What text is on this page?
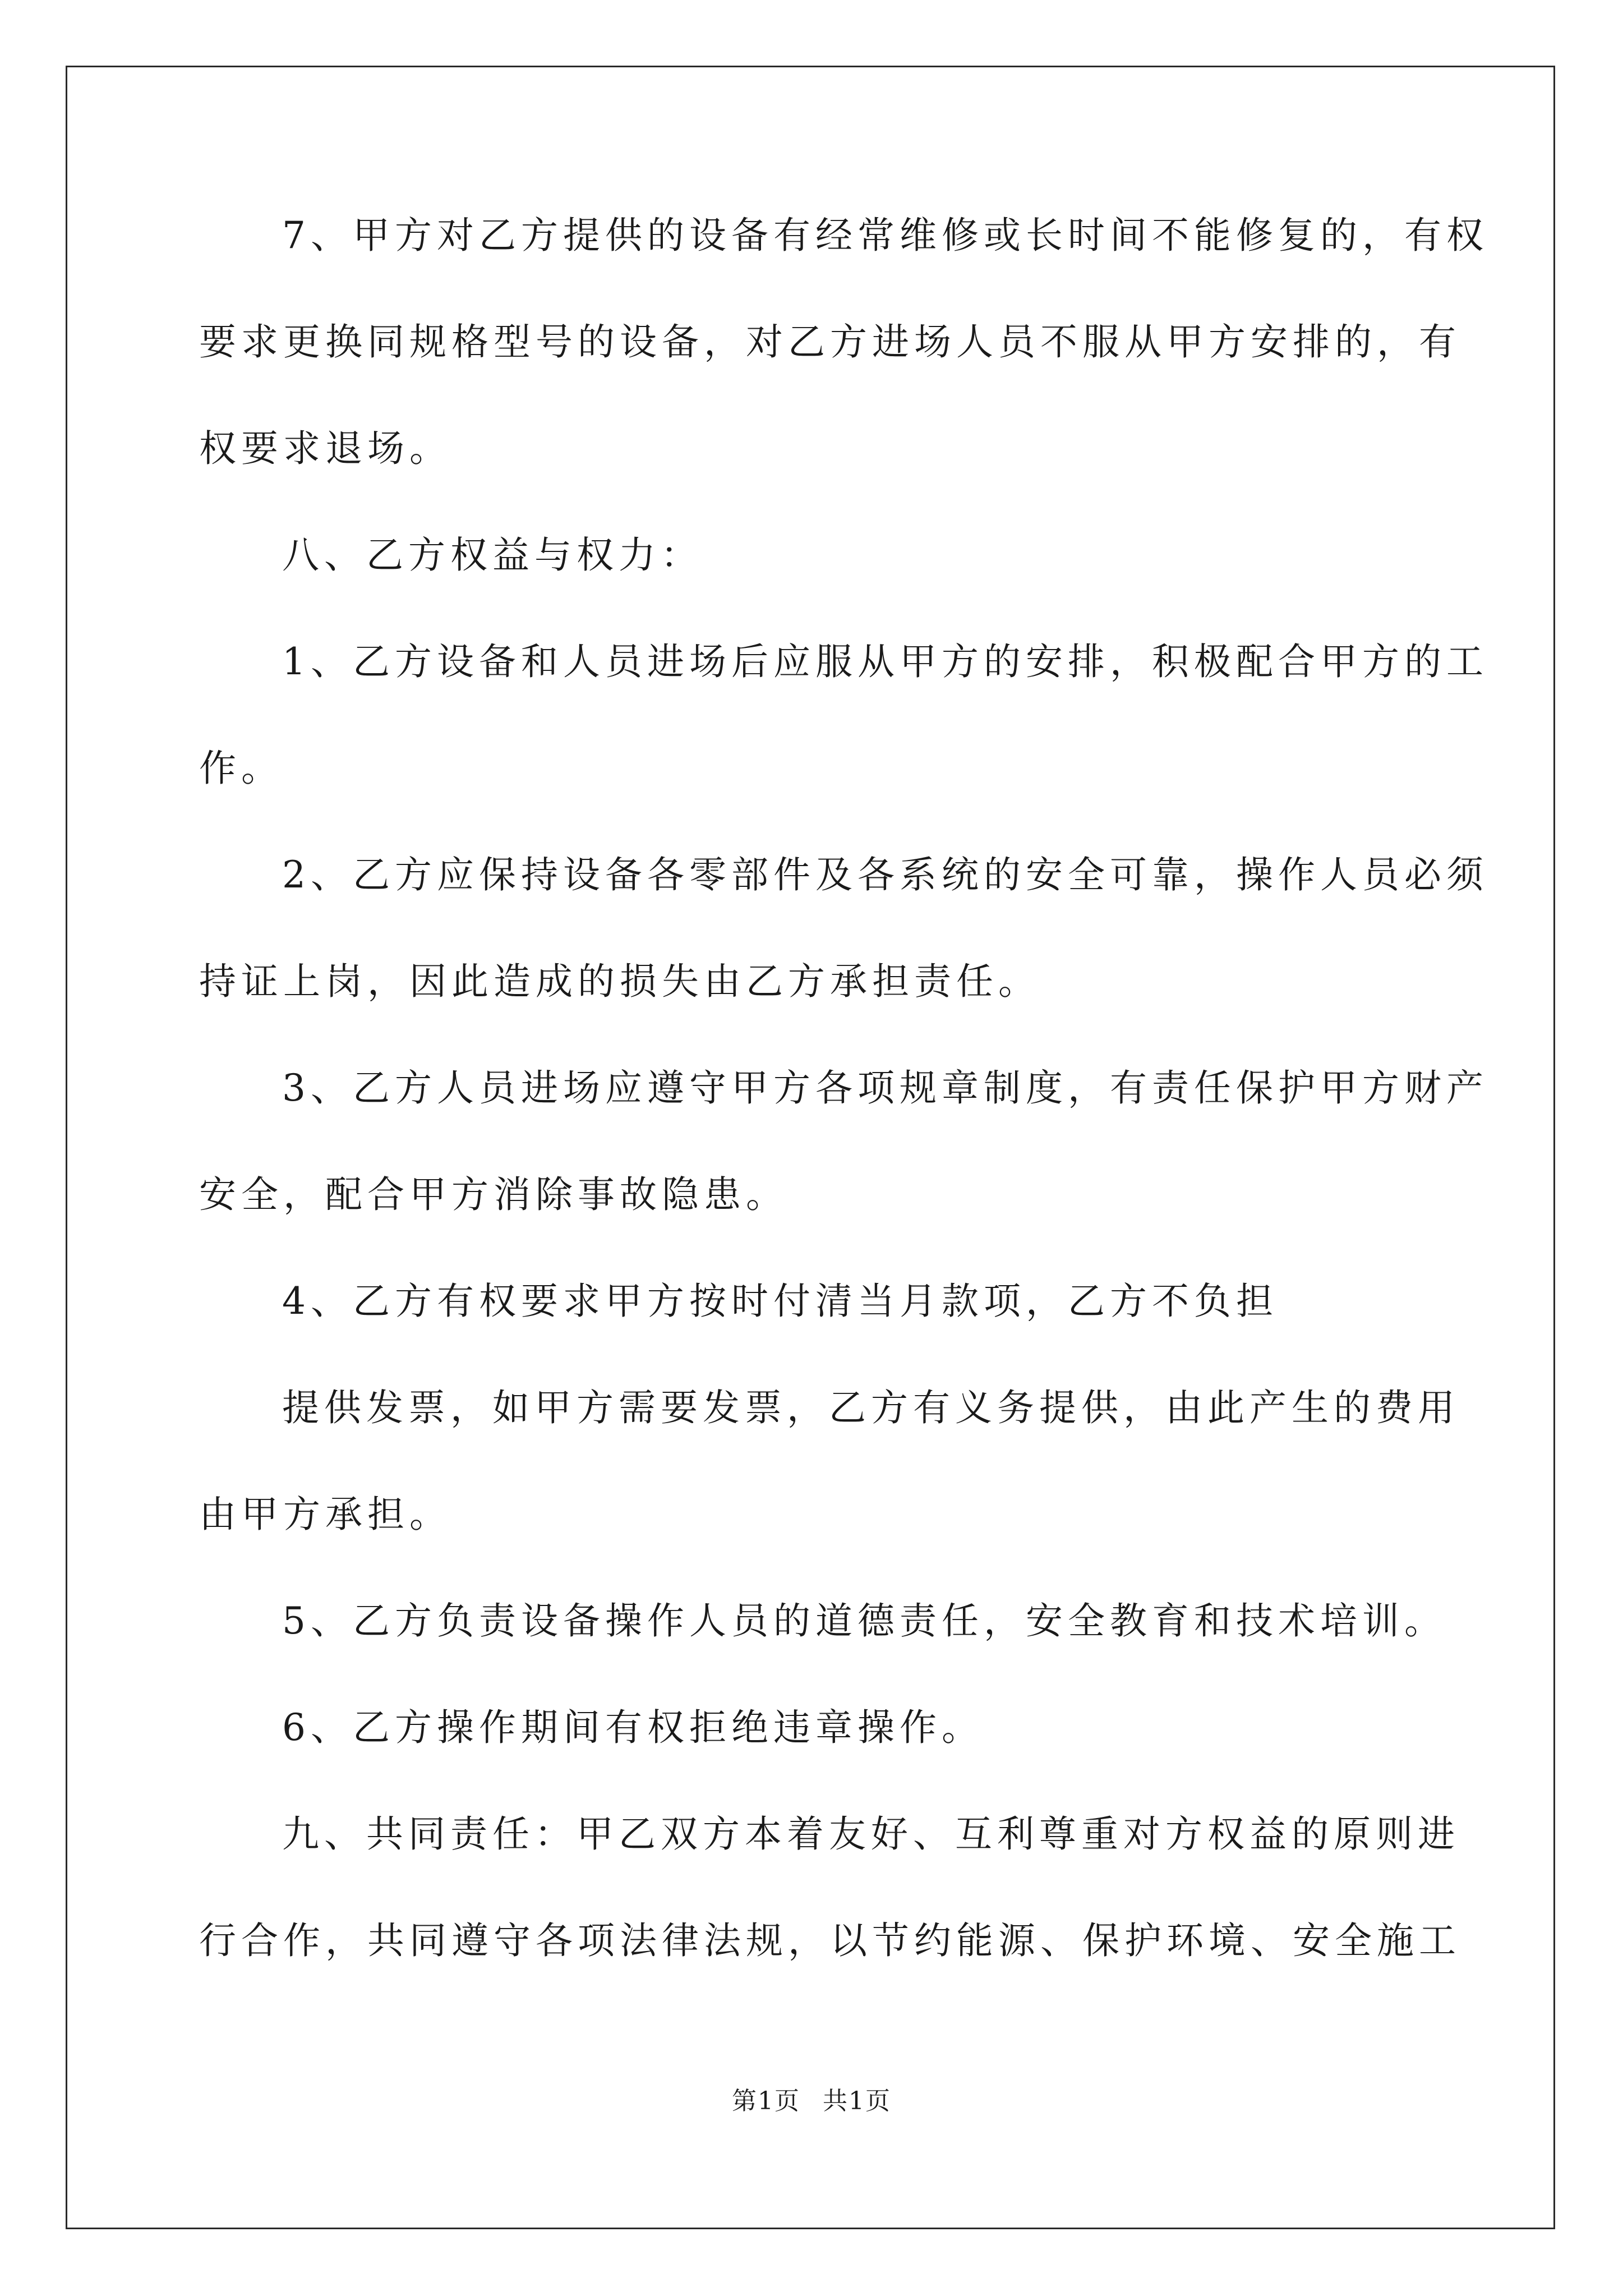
7、甲方对乙方提供的设备有经常维修或长时间不能修复的，有权
要求更换同规格型号的设备，对乙方进场人员不服从甲方安排的，有
权要求退场。
八、乙方权益与权力：
1、乙方设备和人员进场后应服从甲方的安排，积极配合甲方的工
作。
2、乙方应保持设备各零部件及各系统的安全可靠，操作人员必须
持证上岗，因此造成的损失由乙方承担责任。
3、乙方人员进场应遵守甲方各项规章制度，有责任保护甲方财产
安全，配合甲方消除事故隐患。
4、乙方有权要求甲方按时付清当月款项，乙方不负担
提供发票，如甲方需要发票，乙方有义务提供，由此产生的费用
由甲方承担。
5、乙方负责设备操作人员的道德责任，安全教育和技术培训。
6、乙方操作期间有权拒绝违章操作。
九、共同责任：甲乙双方本着友好、互利尊重对方权益的原则进
行合作，共同遵守各项法律法规，以节约能源、保护环境、安全施工
第1页 共1页
